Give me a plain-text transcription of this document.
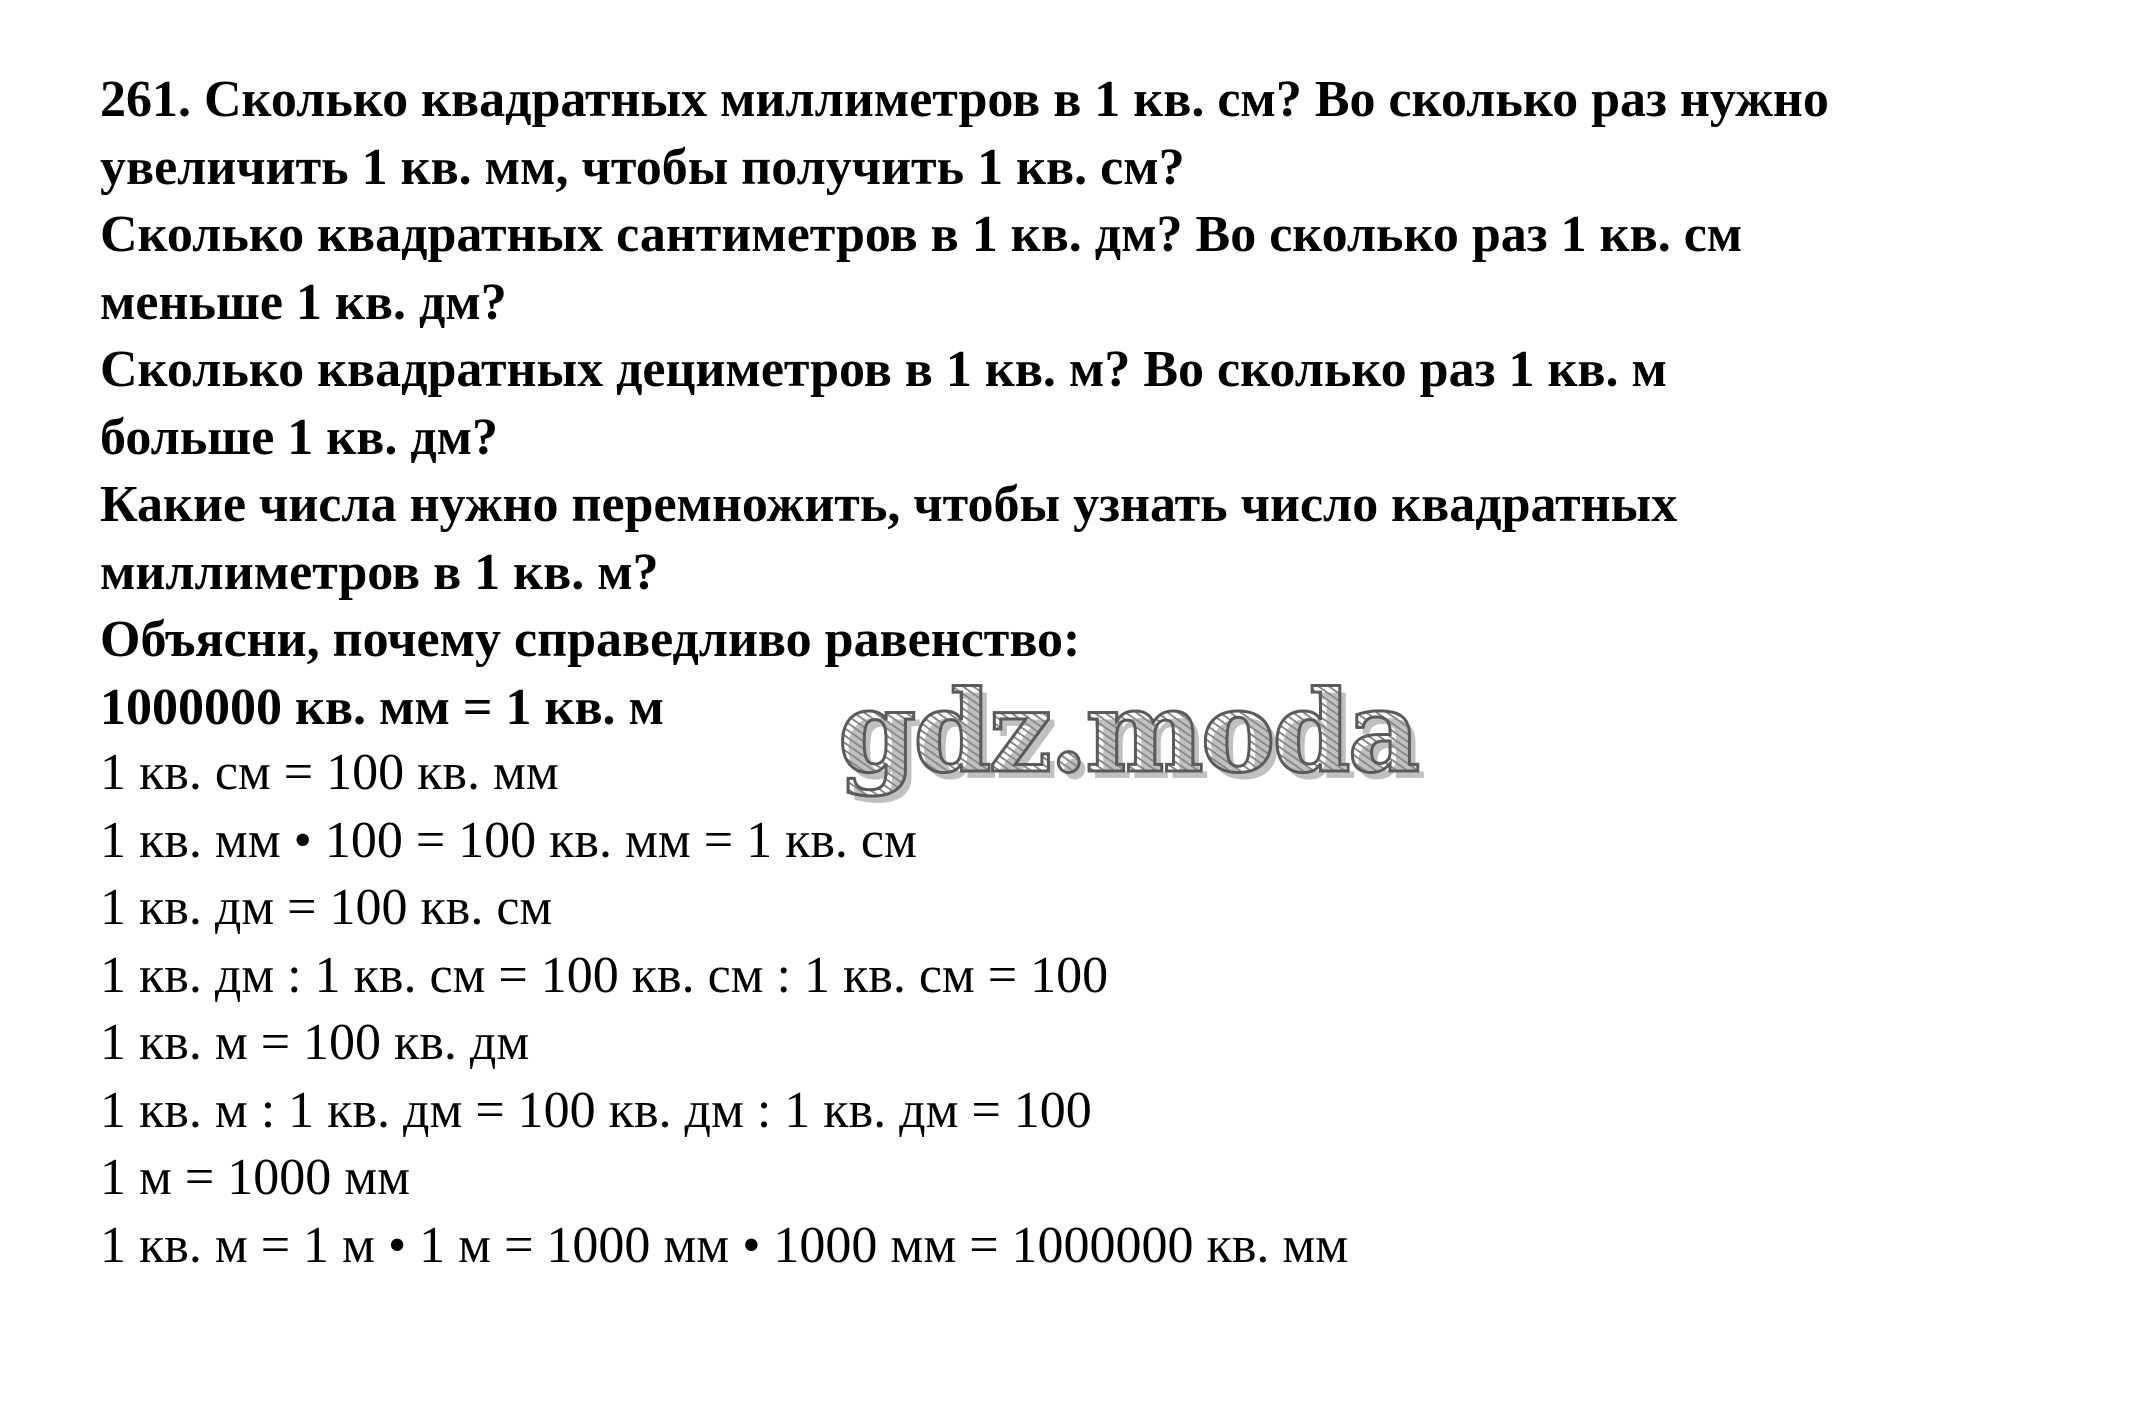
261. Сколько квадратных миллиметров в 1 кв. см? Во сколько раз нужно
увеличить 1 кв. мм, чтобы получить 1 кв. см?
Сколько квадратных сантиметров в 1 кв. дм? Во сколько раз 1 кв. см
меньше 1 кв. дм?
Сколько квадратных дециметров в 1 кв. м? Во сколько раз 1 кв. м
больше 1 кв. дм?
Какие числа нужно перемножить, чтобы узнать число квадратных
миллиметров в 1 кв. м?
Объясни, почему справедливо равенство:
1000000 кв. мм = 1 кв. м
1 кв. см = 100 кв. мм
1 кв. мм • 100 = 100 кв. мм = 1 кв. см
1 кв. дм = 100 кв. см
1 кв. дм : 1 кв. см = 100 кв. см : 1 кв. см = 100
1 кв. м = 100 кв. дм
1 кв. м : 1 кв. дм = 100 кв. дм : 1 кв. дм = 100
1 м = 1000 мм
1 кв. м = 1 м • 1 м = 1000 мм • 1000 мм = 1000000 кв. мм
gdz.moda
